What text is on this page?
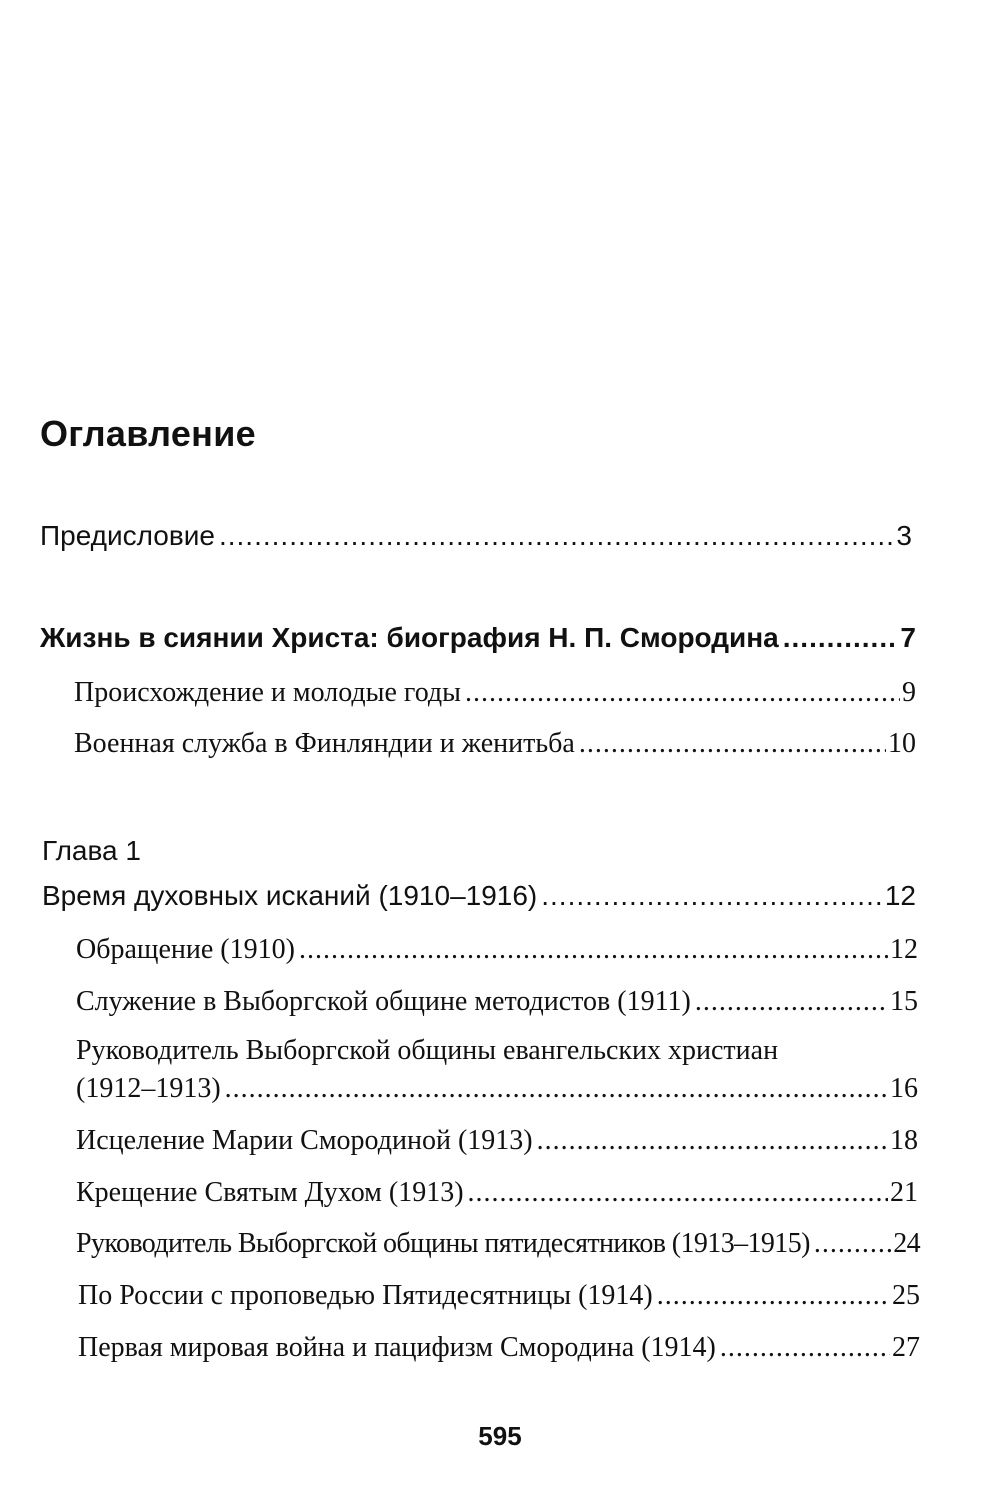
Оглавление
Предисловие .....	3
Жизнь в сиянии Христа: биография Н. П. Смородина .....	7
Происхождение и молодые годы .....	9
Военная служба в Финляндии и женитьба .....	10
Глава 1
Время духовных исканий (1910–1916) .....	12
Обращение (1910) .....	12
Служение в Выборгской общине методистов (1911) .....	15
Руководитель Выборгской общины евангельских христиан
(1912–1913) .....	16
Исцеление Марии Смородиной (1913) .....	18
Крещение Святым Духом (1913) .....	21
Руководитель Выборгской общины пятидесятников (1913–1915) .....	24
По России с проповедью Пятидесятницы (1914) .....	25
Первая мировая война и пацифизм Смородина (1914) .....	27
595
